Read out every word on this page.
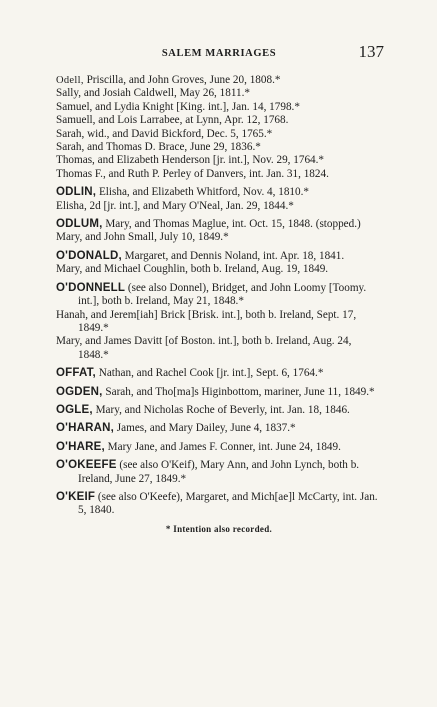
SALEM MARRIAGES	137
Odell, Priscilla, and John Groves, June 20, 1808.*
Sally, and Josiah Caldwell, May 26, 1811.*
Samuel, and Lydia Knight [King. int.], Jan. 14, 1798.*
Samuell, and Lois Larrabee, at Lynn, Apr. 12, 1768.
Sarah, wid., and David Bickford, Dec. 5, 1765.*
Sarah, and Thomas D. Brace, June 29, 1836.*
Thomas, and Elizabeth Henderson [jr. int.], Nov. 29, 1764.*
Thomas F., and Ruth P. Perley of Danvers, int. Jan. 31, 1824.
ODLIN, Elisha, and Elizabeth Whitford, Nov. 4, 1810.*
Elisha, 2d [jr. int.], and Mary O'Neal, Jan. 29, 1844.*
ODLUM, Mary, and Thomas Maglue, int. Oct. 15, 1848. (stopped.)
Mary, and John Small, July 10, 1849.*
O'DONALD, Margaret, and Dennis Noland, int. Apr. 18, 1841.
Mary, and Michael Coughlin, both b. Ireland, Aug. 19, 1849.
O'DONNELL (see also Donnel), Bridget, and John Loomy [Toomy. int.], both b. Ireland, May 21, 1848.*
Hanah, and Jerem[iah] Brick [Brisk. int.], both b. Ireland, Sept. 17, 1849.*
Mary, and James Davitt [of Boston. int.], both b. Ireland, Aug. 24, 1848.*
OFFAT, Nathan, and Rachel Cook [jr. int.], Sept. 6, 1764.*
OGDEN, Sarah, and Tho[ma]s Higinbottom, mariner, June 11, 1849.*
OGLE, Mary, and Nicholas Roche of Beverly, int. Jan. 18, 1846.
O'HARAN, James, and Mary Dailey, June 4, 1837.*
O'HARE, Mary Jane, and James F. Conner, int. June 24, 1849.
O'OKEEFE (see also O'Keif), Mary Ann, and John Lynch, both b. Ireland, June 27, 1849.*
O'KEIF (see also O'Keefe), Margaret, and Mich[ae]l McCarty, int. Jan. 5, 1840.
* Intention also recorded.
